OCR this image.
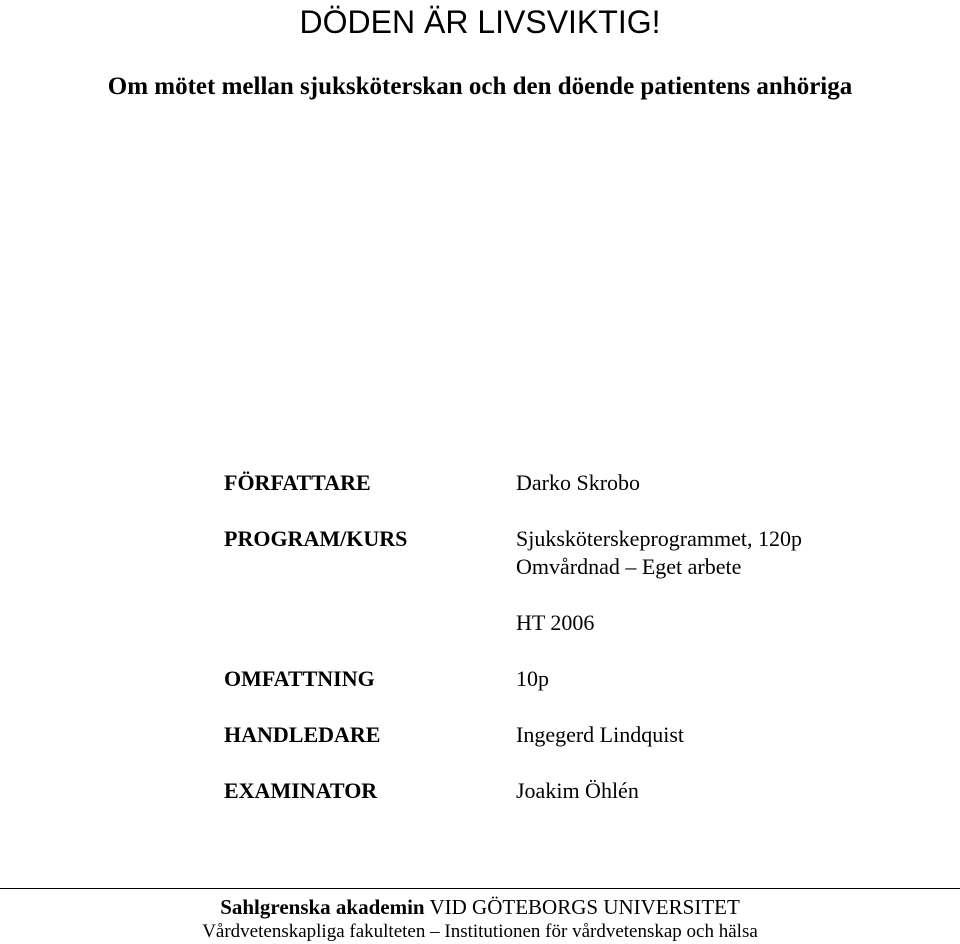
DÖDEN ÄR LIVSVIKTIG!
Om mötet mellan sjuksköterskan och den döende patientens anhöriga
FÖRFATTARE	Darko Skrobo
PROGRAM/KURS	Sjuksköterskeprogrammet, 120p
Omvårdnad – Eget arbete
HT 2006
OMFATTNING	10p
HANDLEDARE	Ingegerd Lindquist
EXAMINATOR	Joakim Öhlén
Sahlgrenska akademin VID GÖTEBORGS UNIVERSITET
Vårdvetenskapliga fakulteten – Institutionen för vårdvetenskap och hälsa
